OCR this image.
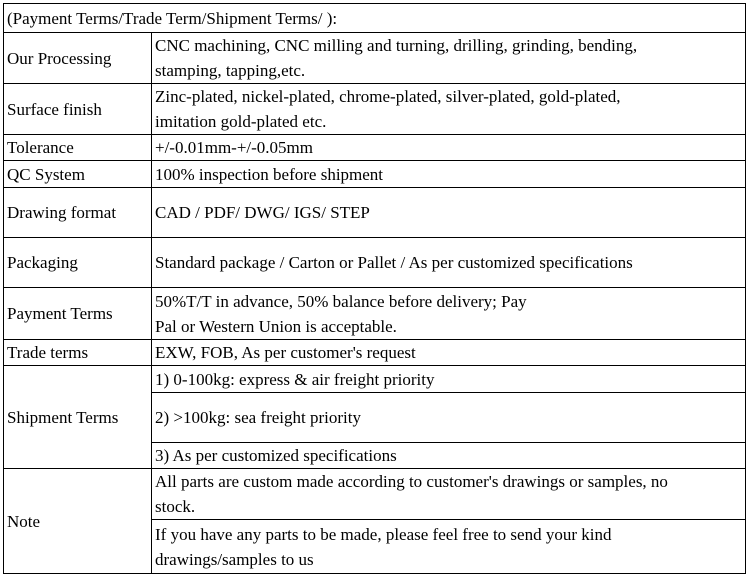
(Payment Terms/Trade Term/Shipment Terms/ ):	
Our Processing	CNC machining, CNC milling and turning, drilling, grinding, bending,
stamping, tapping,etc.

Surface finish	Zinc-plated, nickel-plated, chrome-plated, silver-plated, gold-plated,
imitation gold-plated etc.

Tolerance	+/-0.01mm-+/-0.05mm
QC System	100% inspection before shipment
Drawing format	CAD / PDF/ DWG/ IGS/ STEP
Packaging	Standard package / Carton or Pallet / As per customized specifications
Payment Terms	50%T/T in advance, 50% balance before delivery; Pay
Pal or Western Union is acceptable.

Trade terms	EXW, FOB, As per customer's request
Shipment Terms	1) 0-100kg: express & air freight priority
	2) >100kg: sea freight priority
	3) As per customized specifications
Note	All parts are custom made according to customer's drawings or samples, no
stock.

	If you have any parts to be made, please feel free to send your kind
drawings/samples to us
